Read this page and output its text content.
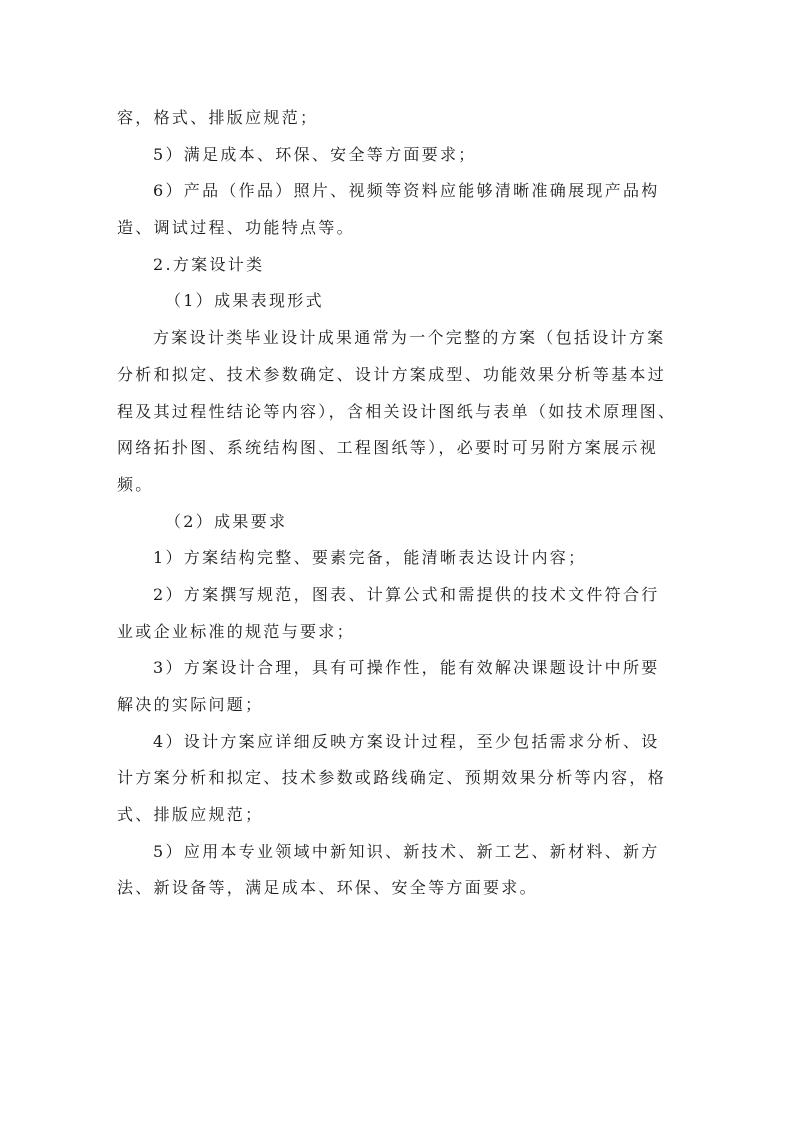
容，格式、排版应规范；
5）满足成本、环保、安全等方面要求；
6）产品（作品）照片、视频等资料应能够清晰准确展现产品构
造、调试过程、功能特点等。
2.方案设计类
（1）成果表现形式
方案设计类毕业设计成果通常为一个完整的方案（包括设计方案
分析和拟定、技术参数确定、设计方案成型、功能效果分析等基本过
程及其过程性结论等内容），含相关设计图纸与表单（如技术原理图、
网络拓扑图、系统结构图、工程图纸等），必要时可另附方案展示视
频。
（2）成果要求
1）方案结构完整、要素完备，能清晰表达设计内容；
2）方案撰写规范，图表、计算公式和需提供的技术文件符合行
业或企业标准的规范与要求；
3）方案设计合理，具有可操作性，能有效解决课题设计中所要
解决的实际问题；
4）设计方案应详细反映方案设计过程，至少包括需求分析、设
计方案分析和拟定、技术参数或路线确定、预期效果分析等内容，格
式、排版应规范；
5）应用本专业领域中新知识、新技术、新工艺、新材料、新方
法、新设备等，满足成本、环保、安全等方面要求。
